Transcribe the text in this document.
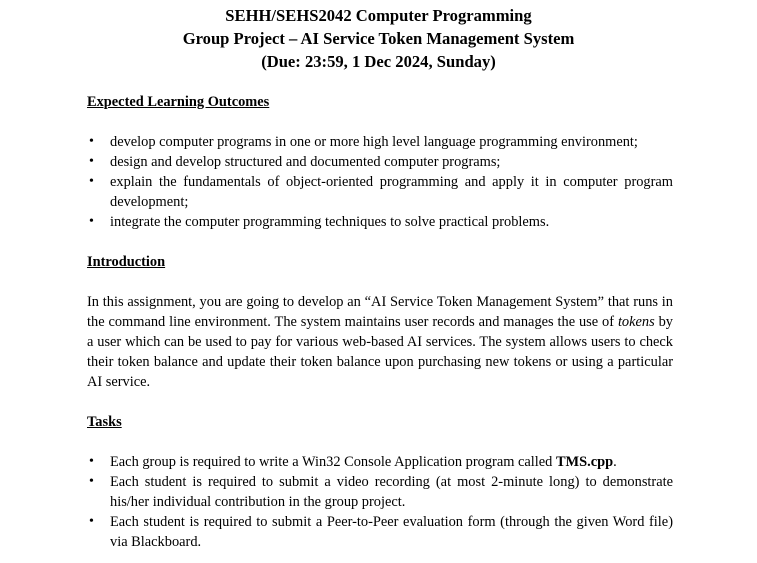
SEHH/SEHS2042 Computer Programming
Group Project – AI Service Token Management System
(Due: 23:59, 1 Dec 2024, Sunday)
Expected Learning Outcomes
• develop computer programs in one or more high level language programming environment;
• design and develop structured and documented computer programs;
• explain the fundamentals of object-oriented programming and apply it in computer program development;
• integrate the computer programming techniques to solve practical problems.
Introduction

In this assignment, you are going to develop an “AI Service Token Management System” that runs in the command line environment. The system maintains user records and manages the use of tokens by a user which can be used to pay for various web-based AI services. The system allows users to check their token balance and update their token balance upon purchasing new tokens or using a particular AI service.

Tasks
• Each group is required to write a Win32 Console Application program called TMS.cpp.
• Each student is required to submit a video recording (at most 2-minute long) to demonstrate his/her individual contribution in the group project.
• Each student is required to submit a Peer-to-Peer evaluation form (through the given Word file) via Blackboard.
